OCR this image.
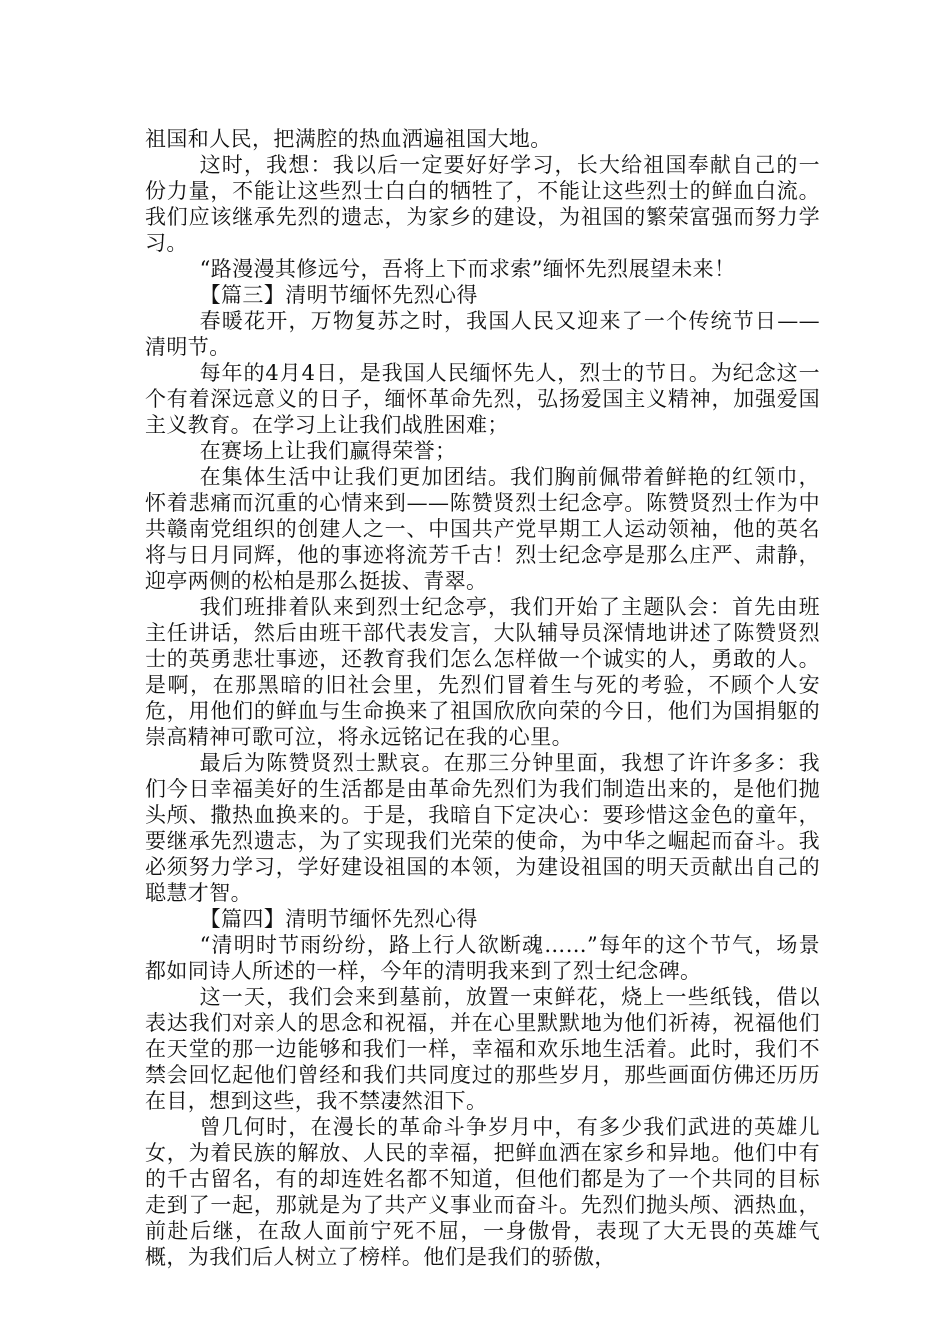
祖国和人民，把满腔的热血洒遍祖国大地。

这时，我想：我以后一定要好好学习，长大给祖国奉献自己的一份力量，不能让这些烈士白白的牺牲了，不能让这些烈士的鲜血白流。我们应该继承先烈的遗志，为家乡的建设，为祖国的繁荣富强而努力学习。

“路漫漫其修远兮，吾将上下而求索”缅怀先烈展望未来！

【篇三】清明节缅怀先烈心得

春暖花开，万物复苏之时，我国人民又迎来了一个传统节日——清明节。

每年的4月4日，是我国人民缅怀先人，烈士的节日。为纪念这一个有着深远意义的日子，缅怀革命先烈，弘扬爱国主义精神，加强爱国主义教育。在学习上让我们战胜困难；

在赛场上让我们赢得荣誉；

在集体生活中让我们更加团结。我们胸前佩带着鲜艳的红领巾，怀着悲痛而沉重的心情来到——陈赞贤烈士纪念亭。陈赞贤烈士作为中共赣南党组织的创建人之一、中国共产党早期工人运动领袖，他的英名将与日月同辉，他的事迹将流芳千古！烈士纪念亭是那么庄严、肃静，迎亭两侧的松柏是那么挺拔、青翠。

我们班排着队来到烈士纪念亭，我们开始了主题队会：首先由班主任讲话，然后由班干部代表发言，大队辅导员深情地讲述了陈赞贤烈士的英勇悲壮事迹，还教育我们怎么怎样做一个诚实的人，勇敢的人。是啊，在那黑暗的旧社会里，先烈们冒着生与死的考验，不顾个人安危，用他们的鲜血与生命换来了祖国欣欣向荣的今日，他们为国捐躯的崇高精神可歌可泣，将永远铭记在我的心里。

最后为陈赞贤烈士默哀。在那三分钟里面，我想了许许多多：我们今日幸福美好的生活都是由革命先烈们为我们制造出来的，是他们抛头颅、撒热血换来的。于是，我暗自下定决心：要珍惜这金色的童年，要继承先烈遗志，为了实现我们光荣的使命，为中华之崛起而奋斗。我必须努力学习，学好建设祖国的本领，为建设祖国的明天贡献出自己的聪慧才智。

【篇四】清明节缅怀先烈心得

“清明时节雨纷纷，路上行人欲断魂……”每年的这个节气，场景都如同诗人所述的一样，今年的清明我来到了烈士纪念碑。

这一天，我们会来到墓前，放置一束鲜花，烧上一些纸钱，借以表达我们对亲人的思念和祝福，并在心里默默地为他们祈祷，祝福他们在天堂的那一边能够和我们一样，幸福和欢乐地生活着。此时，我们不禁会回忆起他们曾经和我们共同度过的那些岁月，那些画面仿佛还历历在目，想到这些，我不禁凄然泪下。

曾几何时，在漫长的革命斗争岁月中，有多少我们武进的英雄儿女，为着民族的解放、人民的幸福，把鲜血洒在家乡和异地。他们中有的千古留名，有的却连姓名都不知道，但他们都是为了一个共同的目标走到了一起，那就是为了共产义事业而奋斗。先烈们抛头颅、洒热血，前赴后继，在敌人面前宁死不屈，一身傲骨，表现了大无畏的英雄气概，为我们后人树立了榜样。他们是我们的骄傲，
